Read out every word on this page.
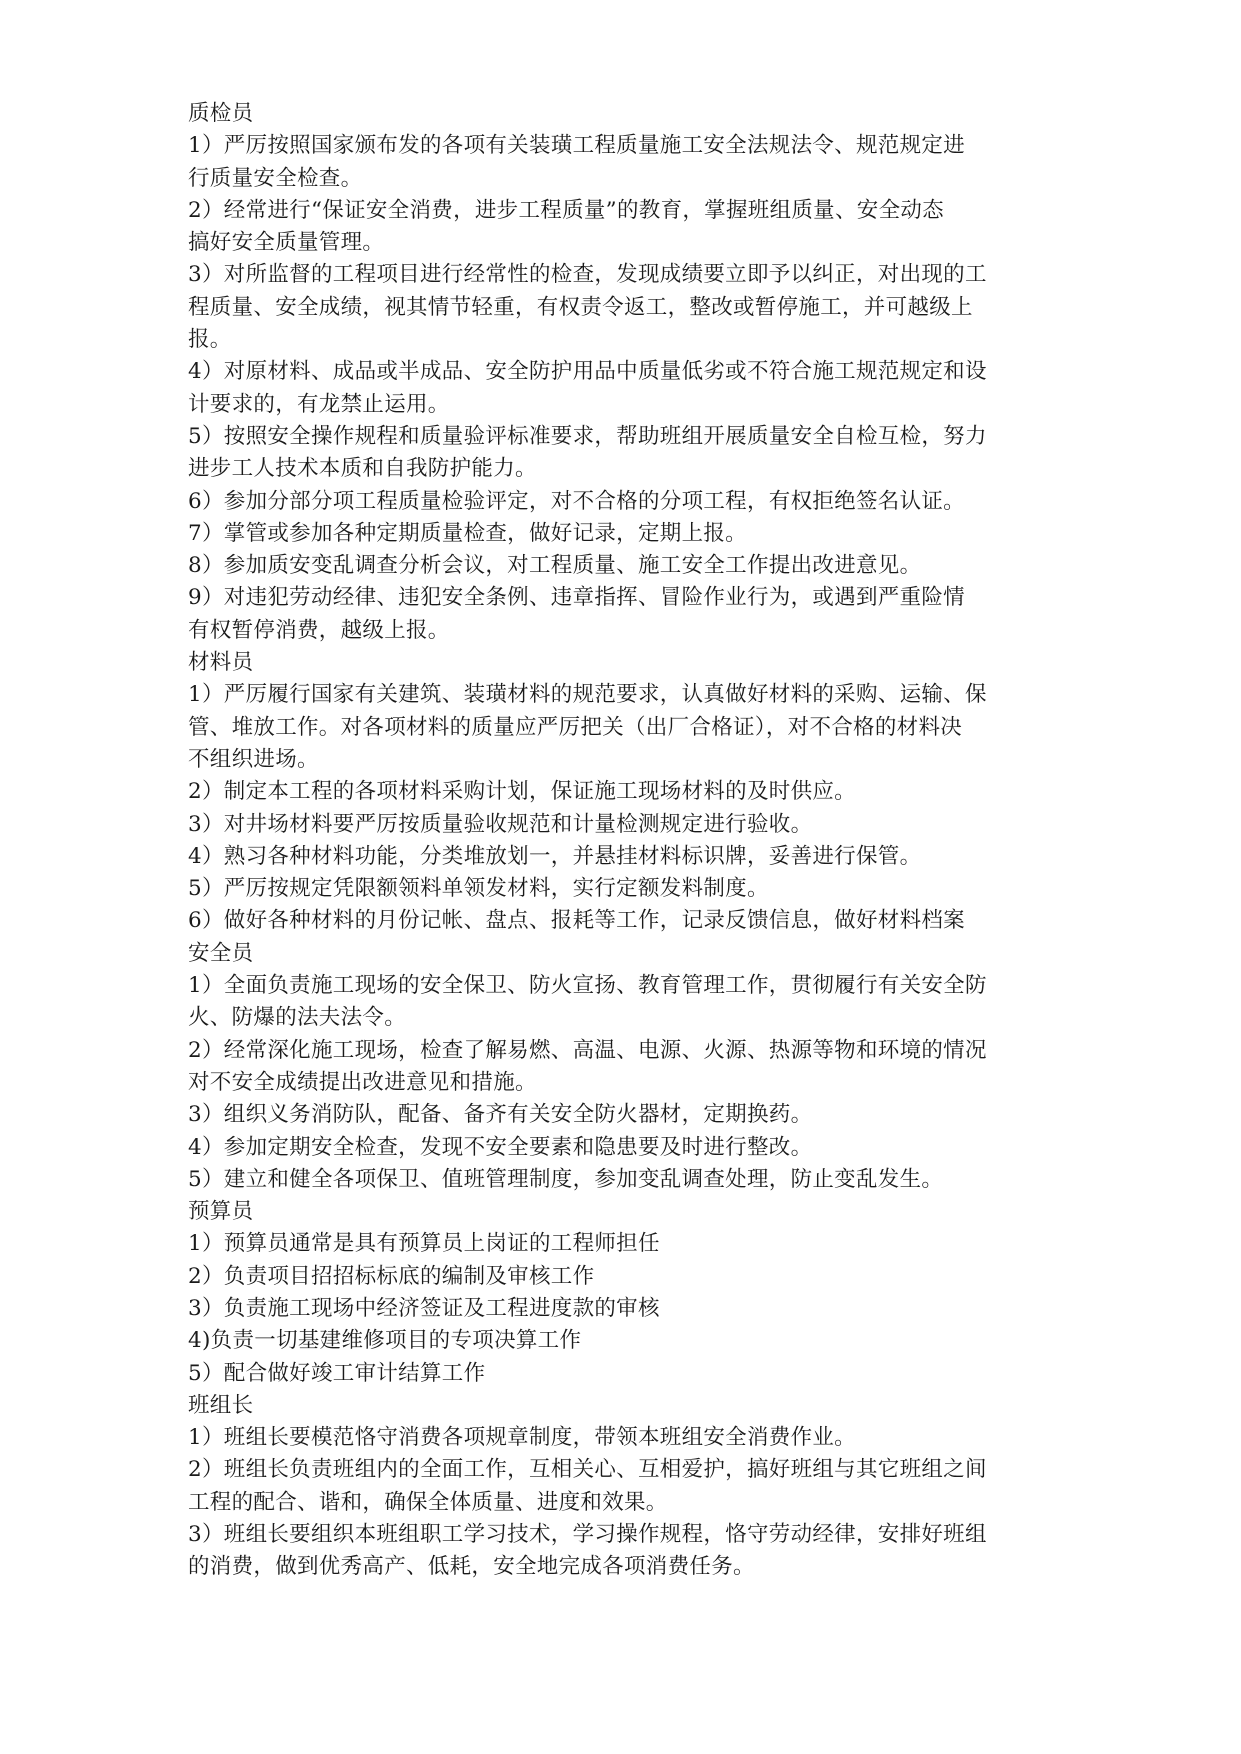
质检员
1）严厉按照国家颁布发的各项有关装璜工程质量施工安全法规法令、规范规定进
行质量安全检查。
2）经常进行“保证安全消费，进步工程质量”的教育，掌握班组质量、安全动态
搞好安全质量管理。
3）对所监督的工程项目进行经常性的检查，发现成绩要立即予以纠正，对出现的工
程质量、安全成绩，视其情节轻重，有权责令返工，整改或暂停施工，并可越级上
报。
4）对原材料、成品或半成品、安全防护用品中质量低劣或不符合施工规范规定和设
计要求的，有龙禁止运用。
5）按照安全操作规程和质量验评标准要求，帮助班组开展质量安全自检互检，努力
进步工人技术本质和自我防护能力。
6）参加分部分项工程质量检验评定，对不合格的分项工程，有权拒绝签名认证。
7）掌管或参加各种定期质量检查，做好记录，定期上报。
8）参加质安变乱调查分析会议，对工程质量、施工安全工作提出改进意见。
9）对违犯劳动经律、违犯安全条例、违章指挥、冒险作业行为，或遇到严重险情
有权暂停消费，越级上报。
材料员
1）严厉履行国家有关建筑、装璜材料的规范要求，认真做好材料的采购、运输、保
管、堆放工作。对各项材料的质量应严厉把关（出厂合格证），对不合格的材料决
不组织进场。
2）制定本工程的各项材料采购计划，保证施工现场材料的及时供应。
3）对井场材料要严厉按质量验收规范和计量检测规定进行验收。
4）熟习各种材料功能，分类堆放划一，并悬挂材料标识牌，妥善进行保管。
5）严厉按规定凭限额领料单领发材料，实行定额发料制度。
6）做好各种材料的月份记帐、盘点、报耗等工作，记录反馈信息，做好材料档案
安全员
1）全面负责施工现场的安全保卫、防火宣扬、教育管理工作，贯彻履行有关安全防
火、防爆的法夫法令。
2）经常深化施工现场，检查了解易燃、高温、电源、火源、热源等物和环境的情况
对不安全成绩提出改进意见和措施。
3）组织义务消防队，配备、备齐有关安全防火器材，定期换药。
4）参加定期安全检查，发现不安全要素和隐患要及时进行整改。
5）建立和健全各项保卫、值班管理制度，参加变乱调查处理，防止变乱发生。
预算员
1）预算员通常是具有预算员上岗证的工程师担任
2）负责项目招招标标底的编制及审核工作
3）负责施工现场中经济签证及工程进度款的审核
4)负责一切基建维修项目的专项决算工作
5）配合做好竣工审计结算工作
班组长
1）班组长要模范恪守消费各项规章制度，带领本班组安全消费作业。
2）班组长负责班组内的全面工作，互相关心、互相爱护，搞好班组与其它班组之间
工程的配合、谐和，确保全体质量、进度和效果。
3）班组长要组织本班组职工学习技术，学习操作规程，恪守劳动经律，安排好班组
的消费，做到优秀高产、低耗，安全地完成各项消费任务。
